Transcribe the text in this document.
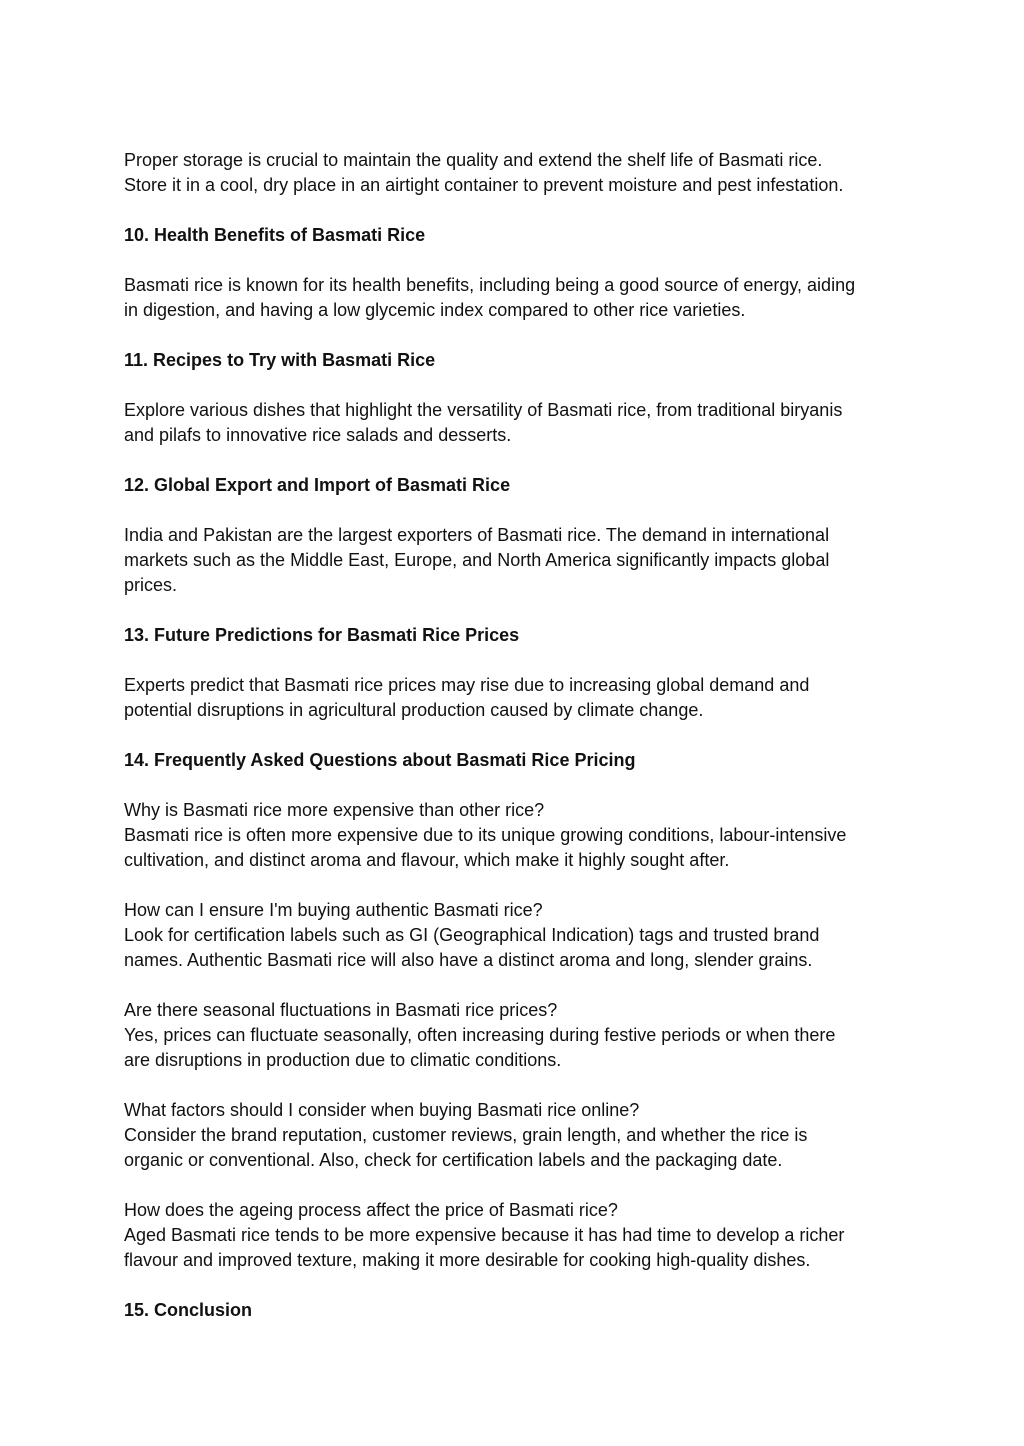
Proper storage is crucial to maintain the quality and extend the shelf life of Basmati rice.
Store it in a cool, dry place in an airtight container to prevent moisture and pest infestation.
10. Health Benefits of Basmati Rice
Basmati rice is known for its health benefits, including being a good source of energy, aiding
in digestion, and having a low glycemic index compared to other rice varieties.
11. Recipes to Try with Basmati Rice
Explore various dishes that highlight the versatility of Basmati rice, from traditional biryanis
and pilafs to innovative rice salads and desserts.
12. Global Export and Import of Basmati Rice
India and Pakistan are the largest exporters of Basmati rice. The demand in international
markets such as the Middle East, Europe, and North America significantly impacts global
prices.
13. Future Predictions for Basmati Rice Prices
Experts predict that Basmati rice prices may rise due to increasing global demand and
potential disruptions in agricultural production caused by climate change.
14. Frequently Asked Questions about Basmati Rice Pricing
Why is Basmati rice more expensive than other rice?
Basmati rice is often more expensive due to its unique growing conditions, labour-intensive
cultivation, and distinct aroma and flavour, which make it highly sought after.
How can I ensure I'm buying authentic Basmati rice?
Look for certification labels such as GI (Geographical Indication) tags and trusted brand
names. Authentic Basmati rice will also have a distinct aroma and long, slender grains.
Are there seasonal fluctuations in Basmati rice prices?
Yes, prices can fluctuate seasonally, often increasing during festive periods or when there
are disruptions in production due to climatic conditions.
What factors should I consider when buying Basmati rice online?
Consider the brand reputation, customer reviews, grain length, and whether the rice is
organic or conventional. Also, check for certification labels and the packaging date.
How does the ageing process affect the price of Basmati rice?
Aged Basmati rice tends to be more expensive because it has had time to develop a richer
flavour and improved texture, making it more desirable for cooking high-quality dishes.
15. Conclusion
